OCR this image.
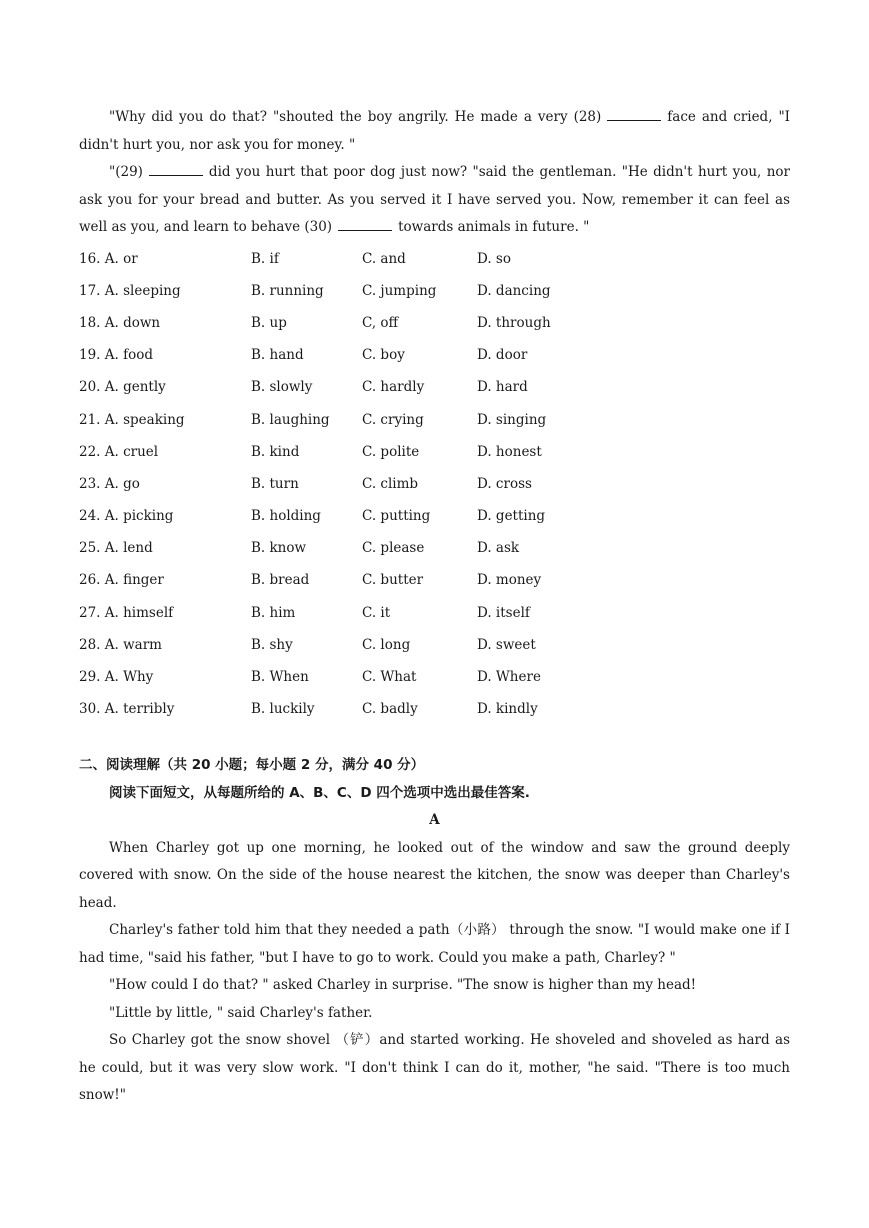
"Why did you do that? "shouted the boy angrily. He made a very (28)	face and cried, "I didn't hurt you, nor ask you for money. "

"(29)	did you hurt that poor dog just now? "said the gentleman. "He didn't hurt you, nor ask you for your bread and butter. As you served it I have served you. Now, remember it can feel as well as you, and learn to behave (30)	towards animals in future. "

16. A. or	B. if	C. and	D. so
17. A. sleeping	B. running	C. jumping	D. dancing
18. A. down	B. up	C, off	D. through
19. A. food	B. hand	C. boy	D. door
20. A. gently	B. slowly	C. hardly	D. hard
21. A. speaking	B. laughing	C. crying	D. singing
22. A. cruel	B. kind	C. polite	D. honest
23. A. go	B. turn	C. climb	D. cross
24. A. picking	B. holding	C. putting	D. getting
25. A. lend	B. know	C. please	D. ask
26. A. finger	B. bread	C. butter	D. money
27. A. himself	B. him	C. it	D. itself
28. A. warm	B. shy	C. long	D. sweet
29. A. Why	B. When	C. What	D. Where
30. A. terribly	B. luckily	C. badly	D. kindly
二、阅读理解（共 20 小题；每小题 2 分，满分 40 分）
阅读下面短文，从每题所给的 A、B、C、D 四个选项中选出最佳答案.
A

When Charley got up one morning, he looked out of the window and saw the ground deeply covered with snow. On the side of the house nearest the kitchen, the snow was deeper than Charley's head.

Charley's father told him that they needed a path（小路） through the snow. "I would make one if I had time, "said his father, "but I have to go to work. Could you make a path, Charley? "

"How could I do that? " asked Charley in surprise. "The snow is higher than my head!

"Little by little, " said Charley's father.

So Charley got the snow shovel （铲）and started working. He shoveled and shoveled as hard as he could, but it was very slow work. "I don't think I can do it, mother, "he said. "There is too much snow!"
